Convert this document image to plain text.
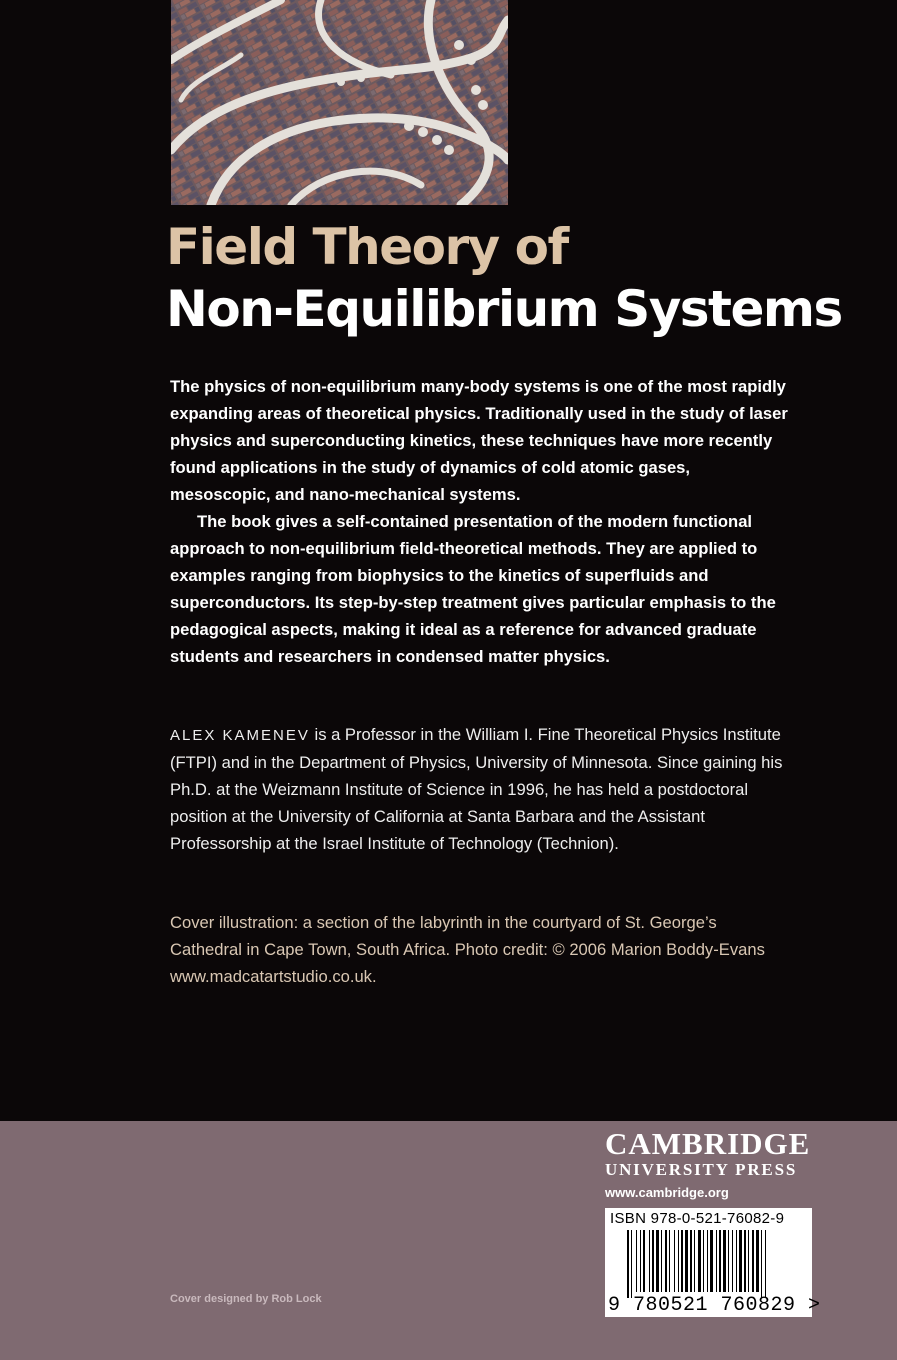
Field Theory of
Non-Equilibrium Systems

The physics of non-equilibrium many-body systems is one of the most rapidly expanding areas of theoretical physics. Traditionally used in the study of laser physics and superconducting kinetics, these techniques have more recently found applications in the study of dynamics of cold atomic gases, mesoscopic, and nano-mechanical systems.

The book gives a self-contained presentation of the modern functional approach to non-equilibrium field-theoretical methods. They are applied to examples ranging from biophysics to the kinetics of superfluids and superconductors. Its step-by-step treatment gives particular emphasis to the pedagogical aspects, making it ideal as a reference for advanced graduate students and researchers in condensed matter physics.

ALEX KAMENEV is a Professor in the William I. Fine Theoretical Physics Institute (FTPI) and in the Department of Physics, University of Minnesota. Since gaining his Ph.D. at the Weizmann Institute of Science in 1996, he has held a postdoctoral position at the University of California at Santa Barbara and the Assistant Professorship at the Israel Institute of Technology (Technion).
Cover illustration: a section of the labyrinth in the courtyard of St. George’s Cathedral in Cape Town, South Africa. Photo credit: © 2006 Marion Boddy-Evans www.madcatartstudio.co.uk.
CAMBRIDGE
UNIVERSITY PRESS
www.cambridge.org
ISBN 978-0-521-76082-9
9 780521 760829 >
Cover designed by Rob Lock
